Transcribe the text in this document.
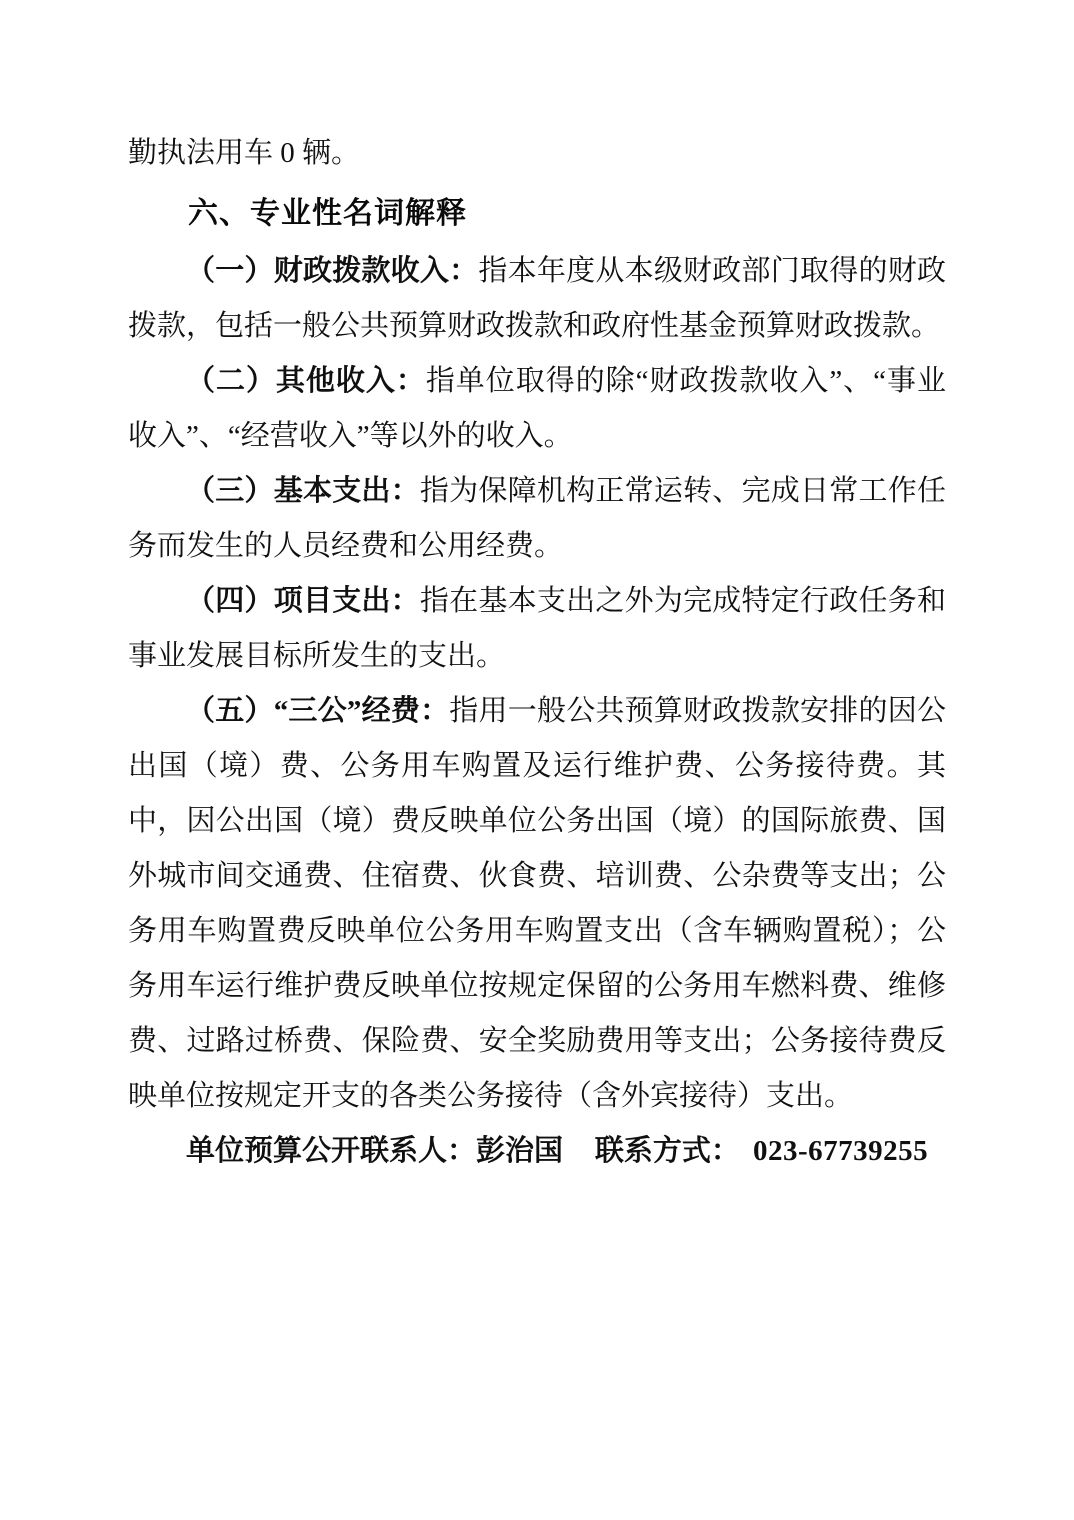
勤执法用车 0 辆。

六、专业性名词解释

（一）财政拨款收入：指本年度从本级财政部门取得的财政拨款，包括一般公共预算财政拨款和政府性基金预算财政拨款。

（二）其他收入：指单位取得的除“财政拨款收入”、“事业收入”、“经营收入”等以外的收入。

（三）基本支出：指为保障机构正常运转、完成日常工作任务而发生的人员经费和公用经费。

（四）项目支出：指在基本支出之外为完成特定行政任务和事业发展目标所发生的支出。

（五）“三公”经费：指用一般公共预算财政拨款安排的因公出国（境）费、公务用车购置及运行维护费、公务接待费。其中，因公出国（境）费反映单位公务出国（境）的国际旅费、国外城市间交通费、住宿费、伙食费、培训费、公杂费等支出；公务用车购置费反映单位公务用车购置支出（含车辆购置税）；公务用车运行维护费反映单位按规定保留的公务用车燃料费、维修费、过路过桥费、保险费、安全奖励费用等支出；公务接待费反映单位按规定开支的各类公务接待（含外宾接待）支出。

单位预算公开联系人：彭治国 联系方式： 023-67739255
